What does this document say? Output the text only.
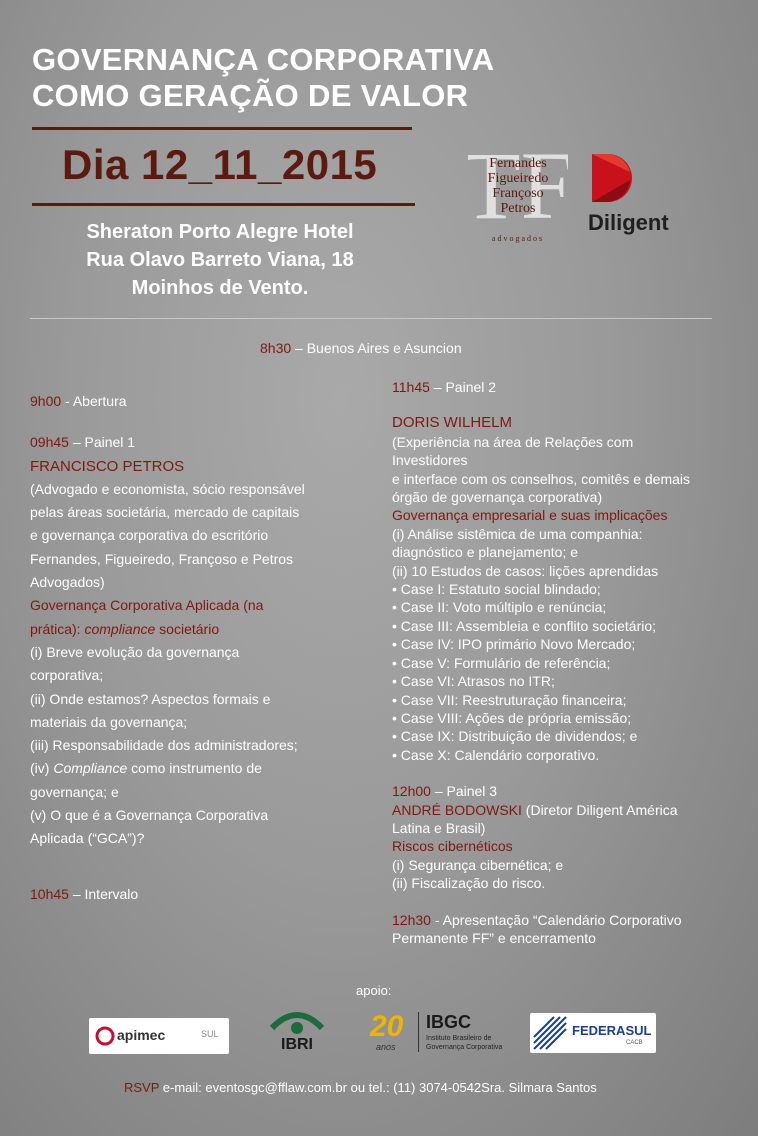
GOVERNANÇA CORPORATIVA
COMO GERAÇÃO DE VALOR
Dia 12_11_2015
Sheraton Porto Alegre Hotel
Rua Olavo Barreto Viana, 18
Moinhos de Vento.
TF
Fernandes
Figueiredo
Françoso
Petros
advogados
Diligent
8h30 – Buenos Aires e Asuncion
9h00 - Abertura
09h45 – Painel 1
FRANCISCO PETROS
(Advogado e economista, sócio responsável
pelas áreas societária, mercado de capitais
e governança corporativa do escritório
Fernandes, Figueiredo, Françoso e Petros
Advogados)
Governança Corporativa Aplicada (na
prática): compliance societário
(i) Breve evolução da governança
corporativa;
(ii) Onde estamos? Aspectos formais e
materiais da governança;
(iii) Responsabilidade dos administradores;
(iv) Compliance como instrumento de
governança; e
(v) O que é a Governança Corporativa
Aplicada (“GCA”)?
10h45 – Intervalo
11h45 – Painel 2
DORIS WILHELM
(Experiência na área de Relações com
Investidores
e interface com os conselhos, comitês e demais
órgão de governança corporativa)
Governança empresarial e suas implicações
(i) Análise sistêmica de uma companhia:
diagnóstico e planejamento; e
(ii) 10 Estudos de casos: lições aprendidas
• Case I: Estatuto social blindado;
• Case II: Voto múltiplo e renúncia;
• Case III: Assembleia e conflito societário;
• Case IV: IPO primário Novo Mercado;
• Case V: Formulário de referência;
• Case VI: Atrasos no ITR;
• Case VII: Reestruturação financeira;
• Case VIII: Ações de própria emissão;
• Case IX: Distribuição de dividendos; e
• Case X: Calendário corporativo.
12h00 – Painel 3
ANDRÉ BODOWSKI (Diretor Diligent América
Latina e Brasil)
Riscos cibernéticos
(i) Segurança cibernética; e
(ii) Fiscalização do risco.
12h30 - Apresentação “Calendário Corporativo
Permanente FF” e encerramento
apoio:
apimec	SUL
IBRI
20
anos
IBGC
Instituto Brasileiro de
Governança Corporativa
FEDERASUL
CACB
RSVP e-mail: eventosgc@fflaw.com.br ou tel.: (11) 3074-0542Sra. Silmara Santos
